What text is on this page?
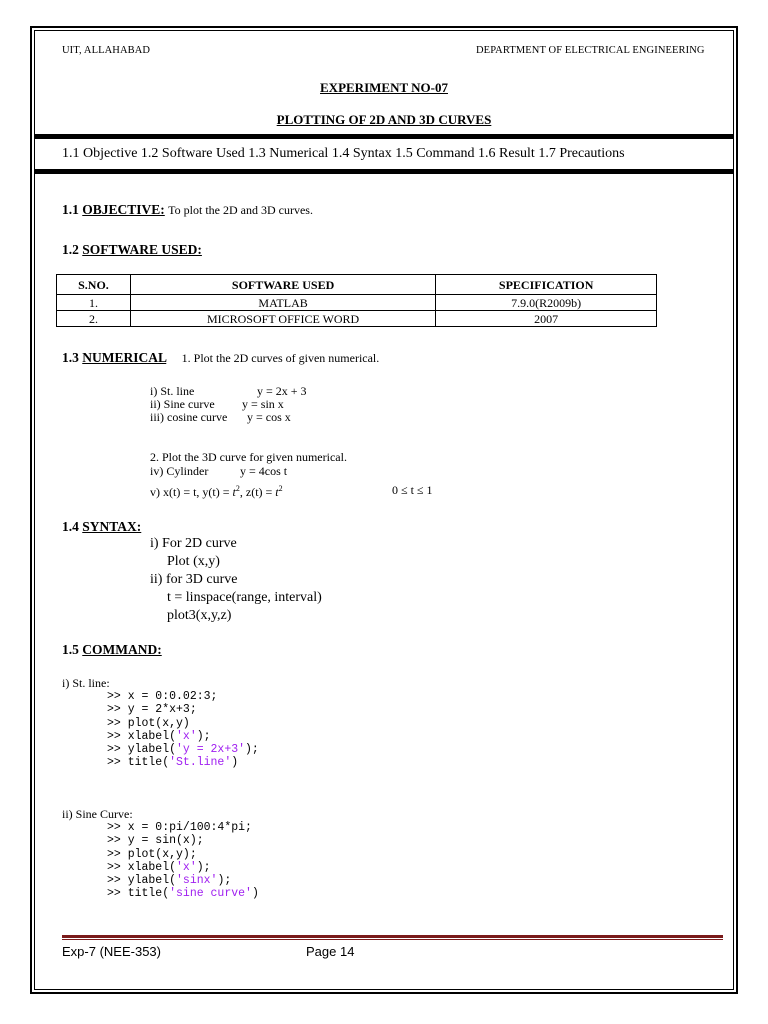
UIT, ALLAHABAD	DEPARTMENT OF ELECTRICAL ENGINEERING
EXPERIMENT NO-07
PLOTTING OF 2D AND 3D CURVES
1.1 Objective 1.2 Software Used 1.3 Numerical 1.4 Syntax 1.5 Command 1.6 Result 1.7 Precautions
1.1 OBJECTIVE: To plot the 2D and 3D curves.
1.2 SOFTWARE USED:
S.NO.	SOFTWARE USED	SPECIFICATION
1.	MATLAB	7.9.0(R2009b)
2.	MICROSOFT OFFICE WORD	2007
1.3 NUMERICAL 1. Plot the 2D curves of given numerical.
i) St. line	y = 2x + 3
ii) Sine curve y = sin x
iii) cosine curve y = cos x
2. Plot the 3D curve for given numerical.
iv) Cylinder	y = 4cos t
v) x(t) = t, $y(t) = t^2$, $z(t) = t^2$	0 ≤ t ≤ 1
1.4 SYNTAX:
i) For 2D curve
Plot (x,y)
ii) for 3D curve
t = linspace(range, interval)
plot3(x,y,z)
1.5 COMMAND:
i) St. line:
>> x = 0:0.02:3;
>> y = 2*x+3;
>> plot(x,y)
>> xlabel('x');
>> ylabel('y = 2x+3');
>> title('St.line')
ii) Sine Curve:
>> x = 0:pi/100:4*pi;
>> y = sin(x);
>> plot(x,y);
>> xlabel('x');
>> ylabel('sinx');
>> title('sine curve')
Exp-7 (NEE-353)	Page 14
